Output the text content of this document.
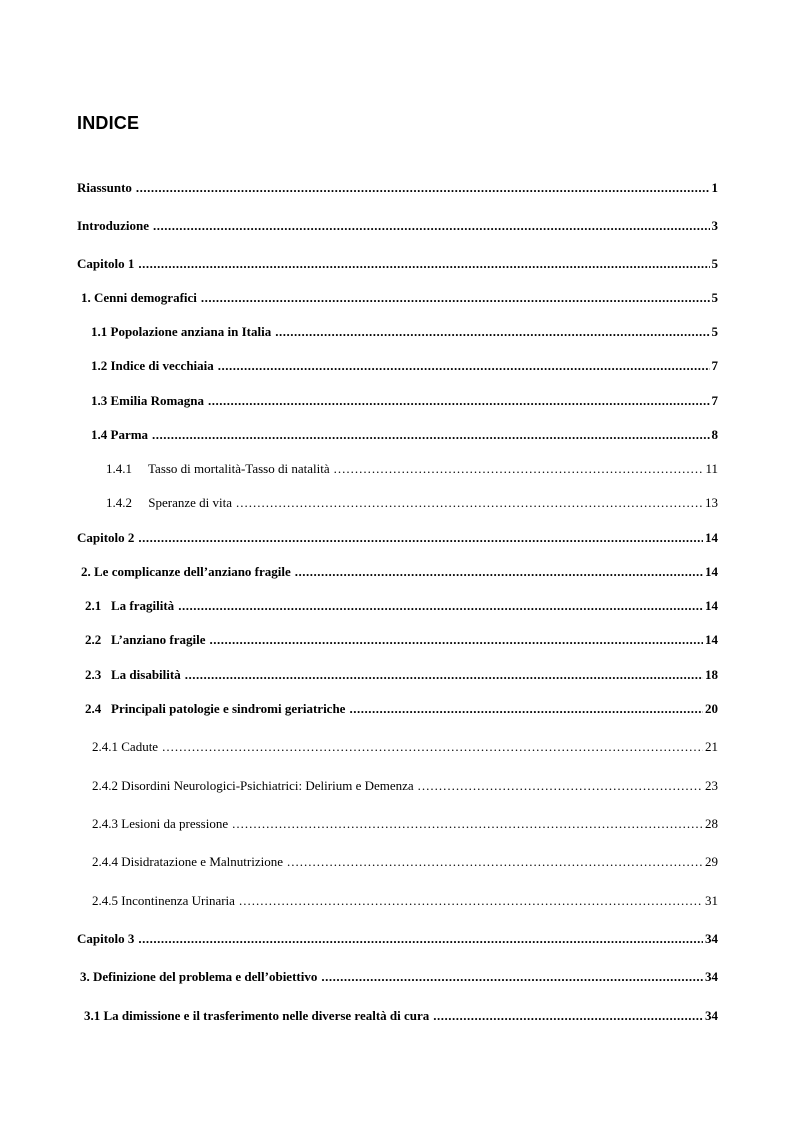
INDICE
Riassunto .....	1
Introduzione .....	3
Capitolo 1 .....	5
1. Cenni demografici .....	5
1.1 Popolazione anziana in Italia .....	5
1.2 Indice di vecchiaia .....	7
1.3 Emilia Romagna .....	7
1.4 Parma .....	8
1.4.1     Tasso di mortalità-Tasso di natalità .....	11
1.4.2     Speranze di vita .....	13
Capitolo 2 .....	14
2. Le complicanze dell’anziano fragile .....	14
2.1   La fragilità .....	14
2.2   L’anziano fragile .....	14
2.3   La disabilità .....	18
2.4   Principali patologie e sindromi geriatriche .....	20
2.4.1 Cadute .....	21
2.4.2 Disordini Neurologici-Psichiatrici: Delirium e Demenza .....	23
2.4.3 Lesioni da pressione .....	28
2.4.4 Disidratazione e Malnutrizione .....	29
2.4.5 Incontinenza Urinaria .....	31
Capitolo 3 .....	34
3. Definizione del problema e dell’obiettivo .....	34
3.1 La dimissione e il trasferimento nelle diverse realtà di cura .....	34
